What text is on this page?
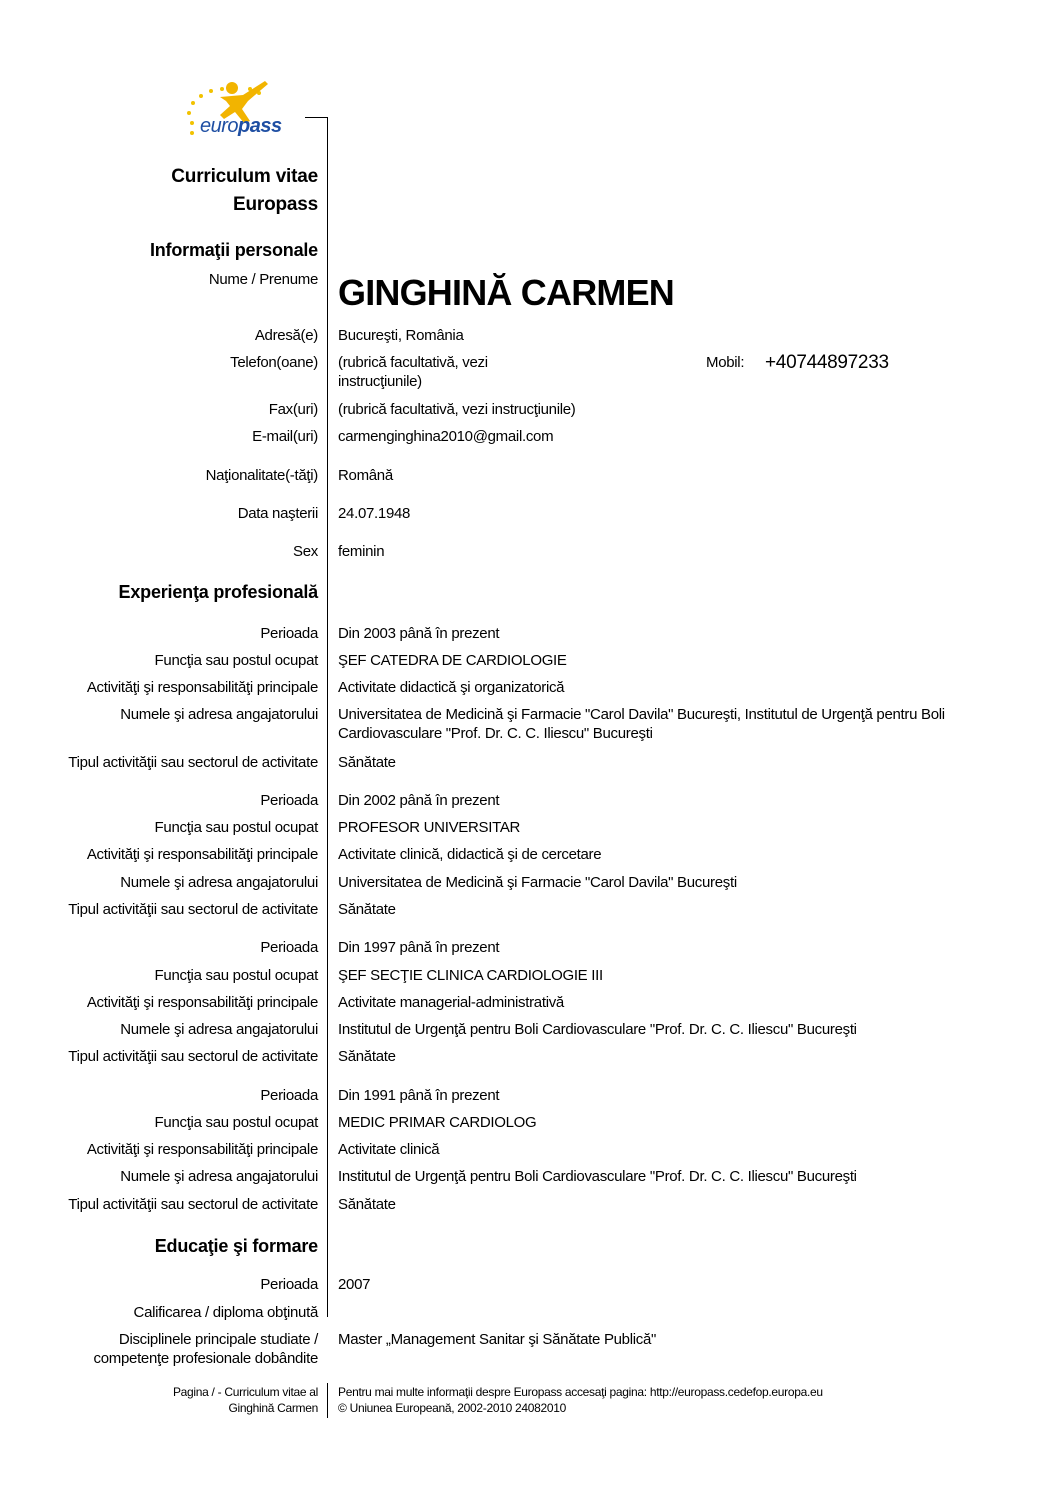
europass
Curriculum vitae
Europass
Informaţii personale
Nume / Prenume GINGHINĂ CARMEN
Adresă(e) Bucureşti, România
Telefon(oane) (rubrică facultativă, vezi
instrucţiunile)
Mobil: +40744897233
Fax(uri) (rubrică facultativă, vezi instrucţiunile)
E-mail(uri) carmenginghina2010@gmail.com
Naţionalitate(-tăţi) Română
Data naşterii 24.07.1948
Sex feminin
Experienţa profesională
Perioada Din 2003 până în prezent
Funcţia sau postul ocupat ŞEF CATEDRA DE CARDIOLOGIE
Activităţi şi responsabilităţi principale Activitate didactică şi organizatorică
Numele şi adresa angajatorului Universitatea de Medicină şi Farmacie "Carol Davila" Bucureşti, Institutul de Urgenţă pentru Boli
Cardiovasculare "Prof. Dr. C. C. Iliescu" Bucureşti
Tipul activităţii sau sectorul de activitate Sănătate
Perioada Din 2002 până în prezent
Funcţia sau postul ocupat PROFESOR UNIVERSITAR
Activităţi şi responsabilităţi principale Activitate clinică, didactică şi de cercetare
Numele şi adresa angajatorului Universitatea de Medicină şi Farmacie "Carol Davila" Bucureşti
Tipul activităţii sau sectorul de activitate Sănătate
Perioada Din 1997 până în prezent
Funcţia sau postul ocupat ŞEF SECŢIE CLINICA CARDIOLOGIE III
Activităţi şi responsabilităţi principale Activitate managerial-administrativă
Numele şi adresa angajatorului Institutul de Urgenţă pentru Boli Cardiovasculare "Prof. Dr. C. C. Iliescu" Bucureşti
Tipul activităţii sau sectorul de activitate Sănătate
Perioada Din 1991 până în prezent
Funcţia sau postul ocupat MEDIC PRIMAR CARDIOLOG
Activităţi şi responsabilităţi principale Activitate clinică
Numele şi adresa angajatorului Institutul de Urgenţă pentru Boli Cardiovasculare "Prof. Dr. C. C. Iliescu" Bucureşti
Tipul activităţii sau sectorul de activitate Sănătate
Educaţie şi formare
Perioada 2007
Calificarea / diploma obţinută
Disciplinele principale studiate /
competenţe profesionale dobândite
Master „Management Sanitar şi Sănătate Publică"
Pagina / - Curriculum vitae al
Ginghină Carmen
Pentru mai multe informaţii despre Europass accesaţi pagina: http://europass.cedefop.europa.eu
© Uniunea Europeană, 2002-2010 24082010
